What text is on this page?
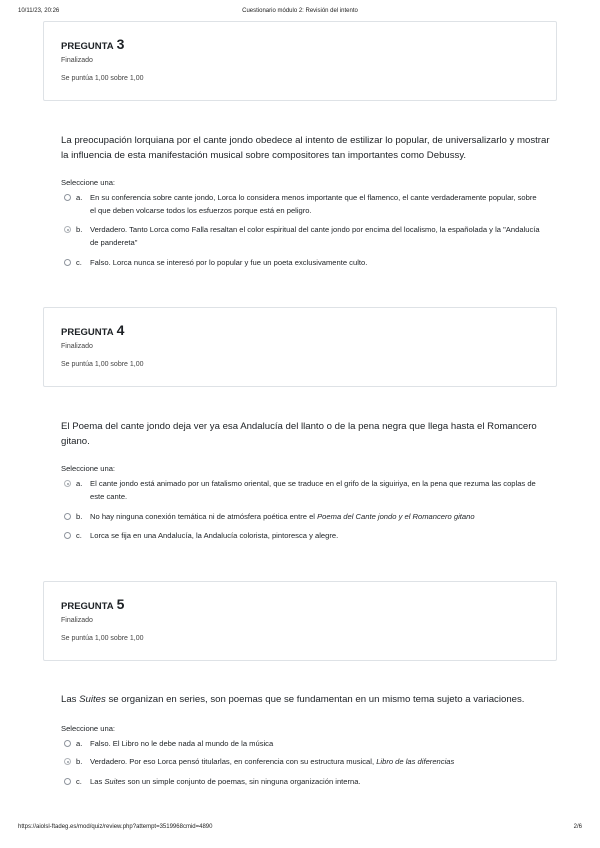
10/11/23, 20:26	Cuestionario módulo 2: Revisión del intento
PREGUNTA 3
Finalizado
Se puntúa 1,00 sobre 1,00
La preocupación lorquiana por el cante jondo obedece al intento de estilizar lo popular, de universalizarlo y mostrar la influencia de esta manifestación musical sobre compositores tan importantes como Debussy.
Seleccione una:
a. En su conferencia sobre cante jondo, Lorca lo considera menos importante que el flamenco, el cante verdaderamente popular, sobre el que deben volcarse todos los esfuerzos porque está en peligro.
b. Verdadero. Tanto Lorca como Falla resaltan el color espiritual del cante jondo por encima del localismo, la españolada y la "Andalucía de pandereta"
c. Falso. Lorca nunca se interesó por lo popular y fue un poeta exclusivamente culto.
PREGUNTA 4
Finalizado
Se puntúa 1,00 sobre 1,00
El Poema del cante jondo deja ver ya esa Andalucía del llanto o de la pena negra que llega hasta el Romancero gitano.
Seleccione una:
a. El cante jondo está animado por un fatalismo oriental, que se traduce en el grifo de la siguiriya, en la pena que rezuma las coplas de este cante.
b. No hay ninguna conexión temática ni de atmósfera poética entre el Poema del Cante jondo y el Romancero gitano
c. Lorca se fija en una Andalucía, la Andalucía colorista, pintoresca y alegre.
PREGUNTA 5
Finalizado
Se puntúa 1,00 sobre 1,00
Las Suites se organizan en series, son poemas que se fundamentan en un mismo tema sujeto a variaciones.
Seleccione una:
a. Falso. El Libro no le debe nada al mundo de la música
b. Verdadero. Por eso Lorca pensó titularlas, en conferencia con su estructura musical, Libro de las diferencias
c. Las Suites son un simple conjunto de poemas, sin ninguna organización interna.
https://aiolsl-ftadeg.es/mod/quiz/review.php?attempt=3519968cmid=4890	2/6
